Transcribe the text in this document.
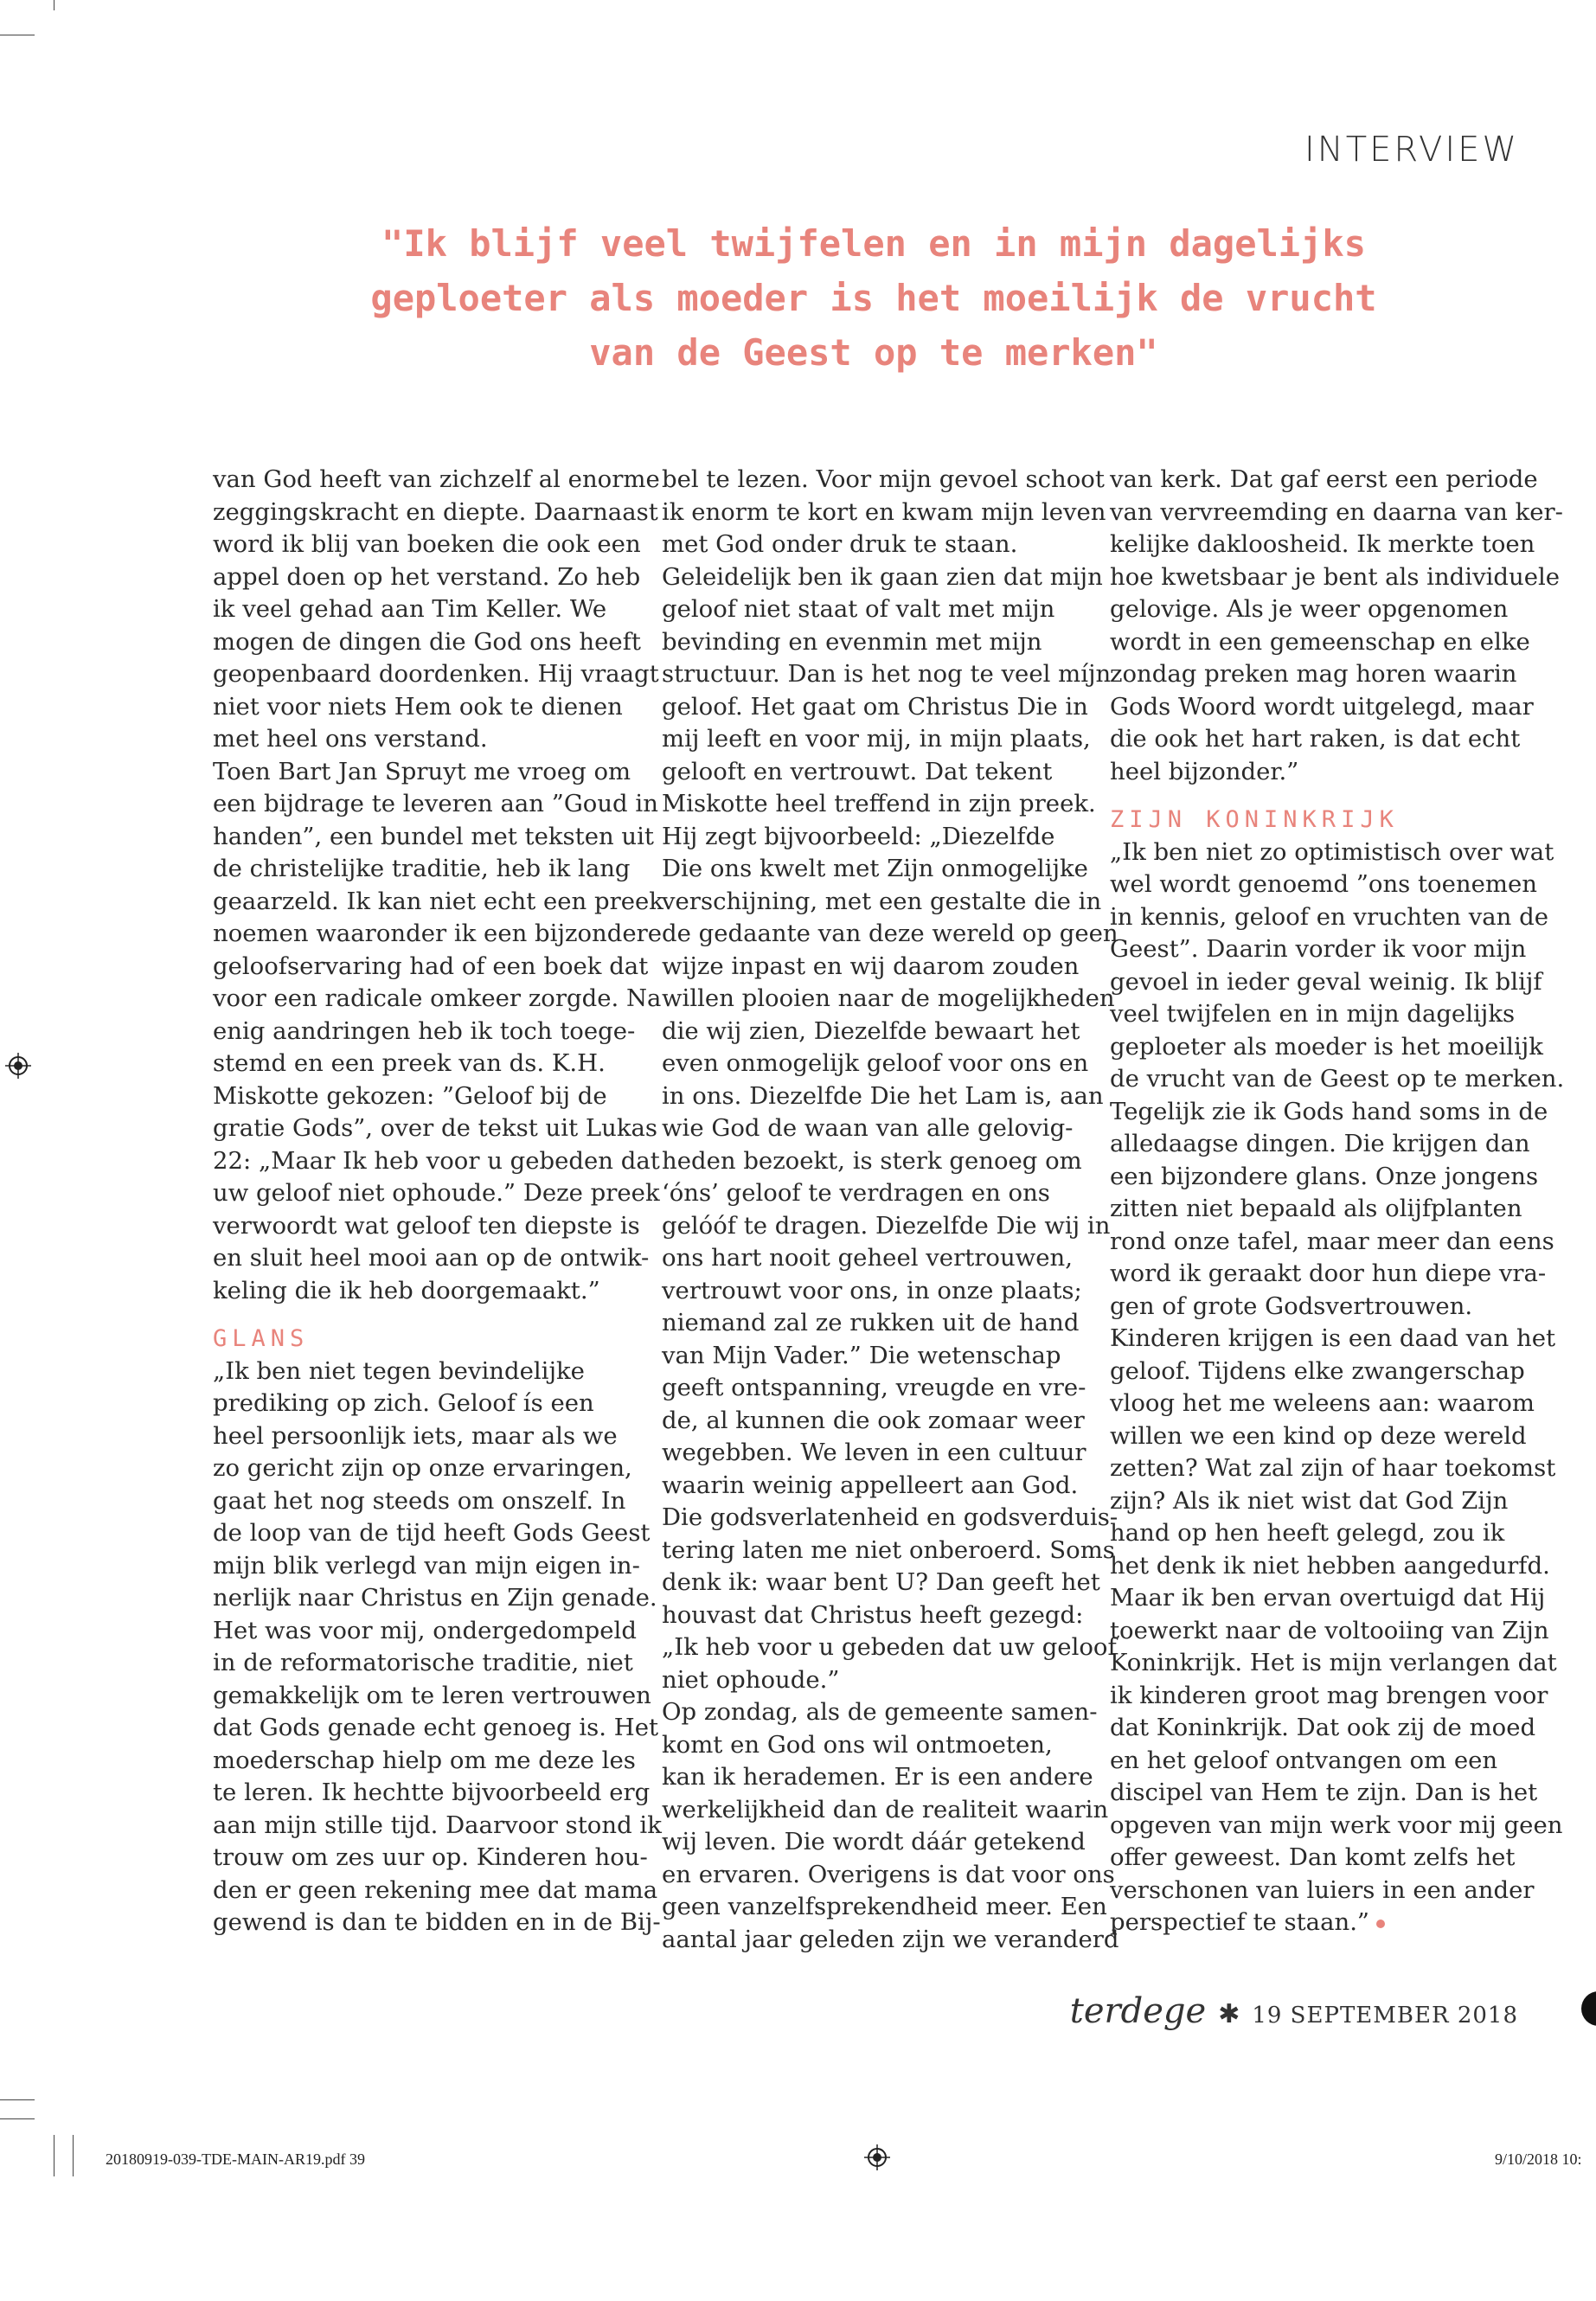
INTERVIEW
"Ik blijf veel twijfelen en in mijn dagelijks
geploeter als moeder is het moeilijk de vrucht
van de Geest op te merken"
van God heeft van zichzelf al enorme
zeggingskracht en diepte. Daarnaast
word ik blij van boeken die ook een
appel doen op het verstand. Zo heb
ik veel gehad aan Tim Keller. We
mogen de dingen die God ons heeft
geopenbaard doordenken. Hij vraagt
niet voor niets Hem ook te dienen
met heel ons verstand.
Toen Bart Jan Spruyt me vroeg om
een bijdrage te leveren aan ”Goud in
handen”, een bundel met teksten uit
de christelijke traditie, heb ik lang
geaarzeld. Ik kan niet echt een preek
noemen waaronder ik een bijzondere
geloofservaring had of een boek dat
voor een radicale omkeer zorgde. Na
enig aandringen heb ik toch toege-
stemd en een preek van ds. K.H.
Miskotte gekozen: ”Geloof bij de
gratie Gods”, over de tekst uit Lukas
22: „Maar Ik heb voor u gebeden dat
uw geloof niet ophoude.” Deze preek
verwoordt wat geloof ten diepste is
en sluit heel mooi aan op de ontwik-
keling die ik heb doorgemaakt.”
GLANS
„Ik ben niet tegen bevindelijke
prediking op zich. Geloof ís een
heel persoonlijk iets, maar als we
zo gericht zijn op onze ervaringen,
gaat het nog steeds om onszelf. In
de loop van de tijd heeft Gods Geest
mijn blik verlegd van mijn eigen in-
nerlijk naar Christus en Zijn genade.
Het was voor mij, ondergedompeld
in de reformatorische traditie, niet
gemakkelijk om te leren vertrouwen
dat Gods genade echt genoeg is. Het
moederschap hielp om me deze les
te leren. Ik hechtte bijvoorbeeld erg
aan mijn stille tijd. Daarvoor stond ik
trouw om zes uur op. Kinderen hou-
den er geen rekening mee dat mama
gewend is dan te bidden en in de Bij-
bel te lezen. Voor mijn gevoel schoot
ik enorm te kort en kwam mijn leven
met God onder druk te staan.
Geleidelijk ben ik gaan zien dat mijn
geloof niet staat of valt met mijn
bevinding en evenmin met mijn
structuur. Dan is het nog te veel míjn
geloof. Het gaat om Christus Die in
mij leeft en voor mij, in mijn plaats,
gelooft en vertrouwt. Dat tekent
Miskotte heel treffend in zijn preek.
Hij zegt bijvoorbeeld: „Diezelfde
Die ons kwelt met Zijn onmogelijke
verschijning, met een gestalte die in
de gedaante van deze wereld op geen
wijze inpast en wij daarom zouden
willen plooien naar de mogelijkheden
die wij zien, Diezelfde bewaart het
even onmogelijk geloof voor ons en
in ons. Diezelfde Die het Lam is, aan
wie God de waan van alle gelovig-
heden bezoekt, is sterk genoeg om
‘óns’ geloof te verdragen en ons
gelóóf te dragen. Diezelfde Die wij in
ons hart nooit geheel vertrouwen,
vertrouwt voor ons, in onze plaats;
niemand zal ze rukken uit de hand
van Mijn Vader.” Die wetenschap
geeft ontspanning, vreugde en vre-
de, al kunnen die ook zomaar weer
wegebben. We leven in een cultuur
waarin weinig appelleert aan God.
Die godsverlatenheid en godsverduis-
tering laten me niet onberoerd. Soms
denk ik: waar bent U? Dan geeft het
houvast dat Christus heeft gezegd:
„Ik heb voor u gebeden dat uw geloof
niet ophoude.”
Op zondag, als de gemeente samen-
komt en God ons wil ontmoeten,
kan ik herademen. Er is een andere
werkelijkheid dan de realiteit waarin
wij leven. Die wordt dáár getekend
en ervaren. Overigens is dat voor ons
geen vanzelfsprekendheid meer. Een
aantal jaar geleden zijn we veranderd
van kerk. Dat gaf eerst een periode
van vervreemding en daarna van ker-
kelijke dakloosheid. Ik merkte toen
hoe kwetsbaar je bent als individuele
gelovige. Als je weer opgenomen
wordt in een gemeenschap en elke
zondag preken mag horen waarin
Gods Woord wordt uitgelegd, maar
die ook het hart raken, is dat echt
heel bijzonder.”
ZIJN KONINKRIJK
„Ik ben niet zo optimistisch over wat
wel wordt genoemd ”ons toenemen
in kennis, geloof en vruchten van de
Geest”. Daarin vorder ik voor mijn
gevoel in ieder geval weinig. Ik blijf
veel twijfelen en in mijn dagelijks
geploeter als moeder is het moeilijk
de vrucht van de Geest op te merken.
Tegelijk zie ik Gods hand soms in de
alledaagse dingen. Die krijgen dan
een bijzondere glans. Onze jongens
zitten niet bepaald als olijfplanten
rond onze tafel, maar meer dan eens
word ik geraakt door hun diepe vra-
gen of grote Godsvertrouwen.
Kinderen krijgen is een daad van het
geloof. Tijdens elke zwangerschap
vloog het me weleens aan: waarom
willen we een kind op deze wereld
zetten? Wat zal zijn of haar toekomst
zijn? Als ik niet wist dat God Zijn
hand op hen heeft gelegd, zou ik
het denk ik niet hebben aangedurfd.
Maar ik ben ervan overtuigd dat Hij
toewerkt naar de voltooiing van Zijn
Koninkrijk. Het is mijn verlangen dat
ik kinderen groot mag brengen voor
dat Koninkrijk. Dat ook zij de moed
en het geloof ontvangen om een
discipel van Hem te zijn. Dan is het
opgeven van mijn werk voor mij geen
offer geweest. Dan komt zelfs het
verschonen van luiers in een ander
perspectief te staan.”
terdege ✱ 19 SEPTEMBER 2018
20180919-039-TDE-MAIN-AR19.pdf 39	9/10/2018 10:
